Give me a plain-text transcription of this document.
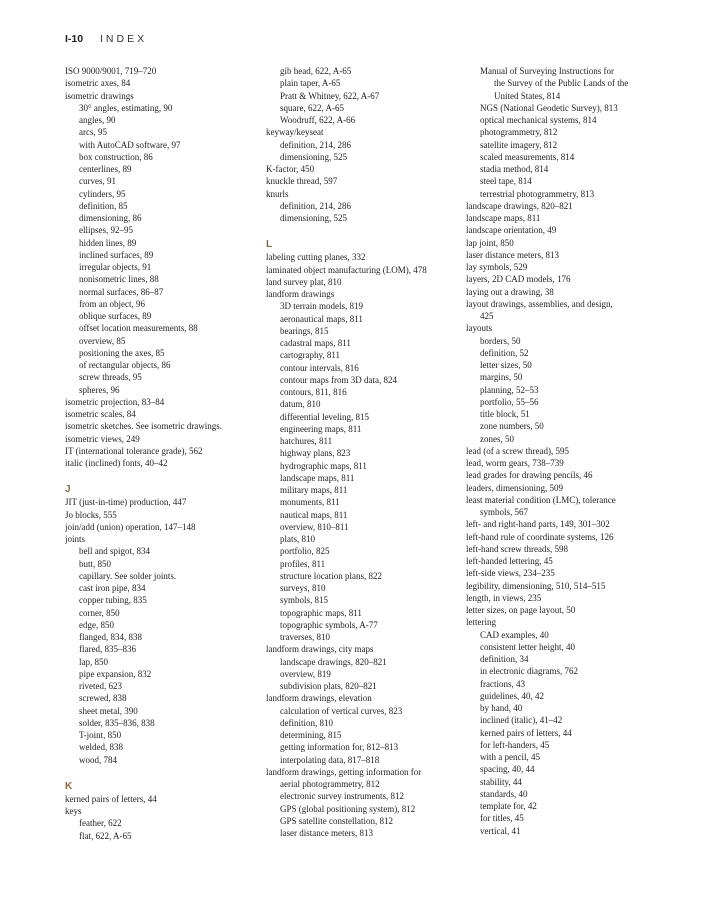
I-10 INDEX
ISO 9000/9001, 719–720
isometric axes, 84
isometric drawings
30° angles, estimating, 90
angles, 90
arcs, 95
with AutoCAD software, 97
box construction, 86
centerlines, 89
curves, 91
cylinders, 95
definition, 85
dimensioning, 86
ellipses, 92–95
hidden lines, 89
inclined surfaces, 89
irregular objects, 91
nonisometric lines, 88
normal surfaces, 86–87
from an object, 96
oblique surfaces, 89
offset location measurements, 88
overview, 85
positioning the axes, 85
of rectangular objects, 86
screw threads, 95
spheres, 96
isometric projection, 83–84
isometric scales, 84
isometric sketches. See isometric drawings.
isometric views, 249
IT (international tolerance grade), 562
italic (inclined) fonts, 40–42
J
JIT (just-in-time) production, 447
Jo blocks, 555
join/add (union) operation, 147–148
joints
bell and spigot, 834
butt, 850
capillary. See solder joints.
cast iron pipe, 834
copper tubing, 835
corner, 850
edge, 850
flanged, 834, 838
flared, 835–836
lap, 850
pipe expansion, 832
riveted, 623
screwed, 838
sheet metal, 390
solder, 835–836, 838
T-joint, 850
welded, 838
wood, 784
K
kerned pairs of letters, 44
keys
feather, 622
flat, 622, A-65
gib head, 622, A-65
plain taper, A-65
Pratt & Whitney, 622, A-67
square, 622, A-65
Woodruff, 622, A-66
keyway/keyseat
definition, 214, 286
dimensioning, 525
K-factor, 450
knuckle thread, 597
knurls
definition, 214, 286
dimensioning, 525
L
labeling cutting planes, 332
laminated object manufacturing (LOM), 478
land survey plat, 810
landform drawings
3D terrain models, 819
aeronautical maps, 811
bearings, 815
cadastral maps, 811
cartography, 811
contour intervals, 816
contour maps from 3D data, 824
contours, 811, 816
datum, 810
differential leveling, 815
engineering maps, 811
hatchures, 811
highway plans, 823
hydrographic maps, 811
landscape maps, 811
military maps, 811
monuments, 811
nautical maps, 811
overview, 810–811
plats, 810
portfolio, 825
profiles, 811
structure location plans, 822
surveys, 810
symbols, 815
topographic maps, 811
topographic symbols, A-77
traverses, 810
landform drawings, city maps
landscape drawings, 820–821
overview, 819
subdivision plats, 820–821
landform drawings, elevation
calculation of vertical curves, 823
definition, 810
determining, 815
getting information for, 812–813
interpolating data, 817–818
landform drawings, getting information for
aerial photogrammetry, 812
electronic survey instruments, 812
GPS (global positioning system), 812
GPS satellite constellation, 812
laser distance meters, 813
Manual of Surveying Instructions for
the Survey of the Public Lands of the
United States, 814
NGS (National Geodetic Survey), 813
optical mechanical systems, 814
photogrammetry, 812
satellite imagery, 812
scaled measurements, 814
stadia method, 814
steel tape, 814
terrestrial photogrammetry, 813
landscape drawings, 820–821
landscape maps, 811
landscape orientation, 49
lap joint, 850
laser distance meters, 813
lay symbols, 529
layers, 2D CAD models, 176
laying out a drawing, 38
layout drawings, assemblies, and design,
425
layouts
borders, 50
definition, 52
letter sizes, 50
margins, 50
planning, 52–53
portfolio, 55–56
title block, 51
zone numbers, 50
zones, 50
lead (of a screw thread), 595
lead, worm gears, 738–739
lead grades for drawing pencils, 46
leaders, dimensioning, 509
least material condition (LMC), tolerance
symbols, 567
left- and right-hand parts, 149, 301–302
left-hand rule of coordinate systems, 126
left-hand screw threads, 598
left-handed lettering, 45
left-side views, 234–235
legibility, dimensioning, 510, 514–515
length, in views, 235
letter sizes, on page layout, 50
lettering
CAD examples, 40
consistent letter height, 40
definition, 34
in electronic diagrams, 762
fractions, 43
guidelines, 40, 42
by hand, 40
inclined (italic), 41–42
kerned pairs of letters, 44
for left-handers, 45
with a pencil, 45
spacing, 40, 44
stability, 44
standards, 40
template for, 42
for titles, 45
vertical, 41
